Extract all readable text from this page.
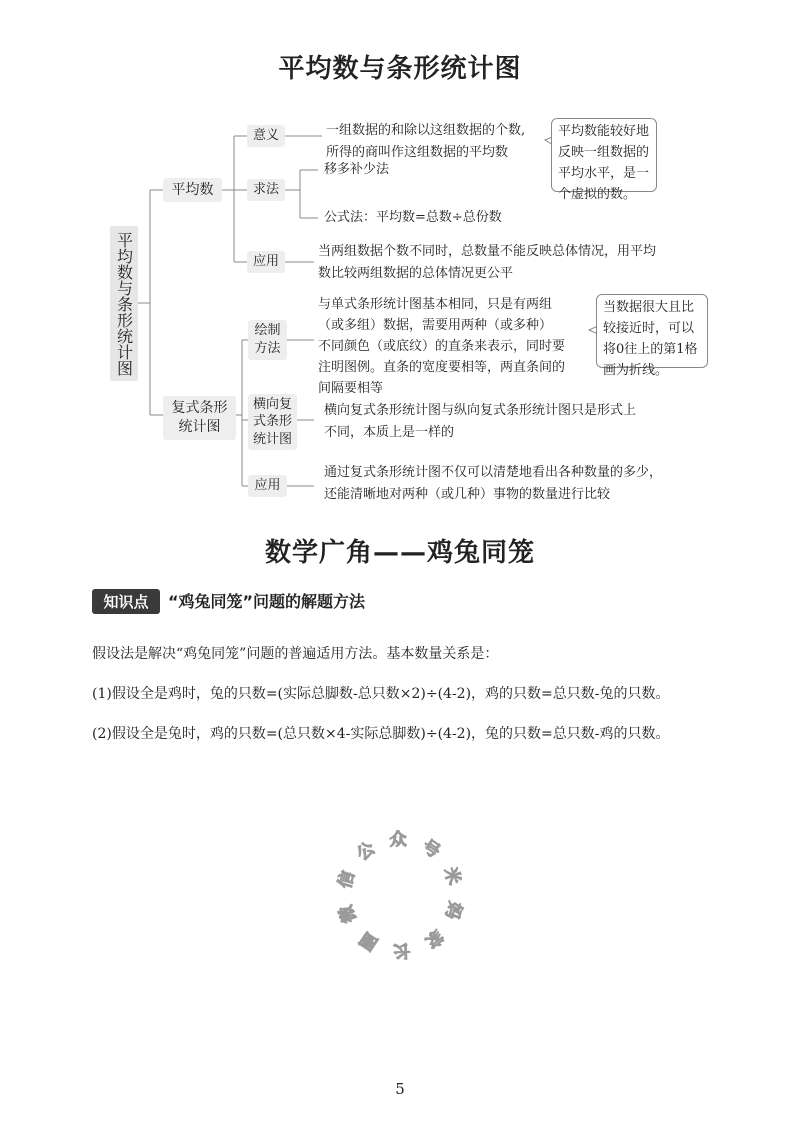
平均数与条形统计图
平均数与条形统计图
平均数
意义
求法
应用
一组数据的和除以这组数据的个数,
所得的商叫作这组数据的平均数
平均数能较好地
反映一组数据的
平均水平，是一
个虚拟的数。
移多补少法
公式法：平均数=总数÷总份数
当两组数据个数不同时，总数量不能反映总体情况，用平均
数比较两组数据的总体情况更公平
复式条形
统计图
绘制
方法
横向复
式条形
统计图
应用
与单式条形统计图基本相同，只是有两组
（或多组）数据，需要用两种（或多种）
不同颜色（或底纹）的直条来表示，同时要
注明图例。直条的宽度要相等，两直条间的
间隔要相等
当数据很大且比
较接近时，可以
将0往上的第1格
画为折线。
横向复式条形统计图与纵向复式条形统计图只是形式上
不同，本质上是一样的
通过复式条形统计图不仅可以清楚地看出各种数量的多少，
还能清晰地对两种（或几种）事物的数量进行比较
数学广角——鸡兔同笼
知识点	“鸡兔同笼”问题的解题方法
假设法是解决“鸡兔同笼”问题的普遍适用方法。基本数量关系是：
(1)假设全是鸡时，兔的只数=(实际总脚数-总只数×2)÷(4-2)，鸡的只数=总只数-兔的只数。
(2)假设全是兔时，鸡的只数=(总只数×4-实际总脚数)÷(4-2)，兔的只数=总只数-鸡的只数。
微
信
公 众 号
米
妈
家
长
圈
5
